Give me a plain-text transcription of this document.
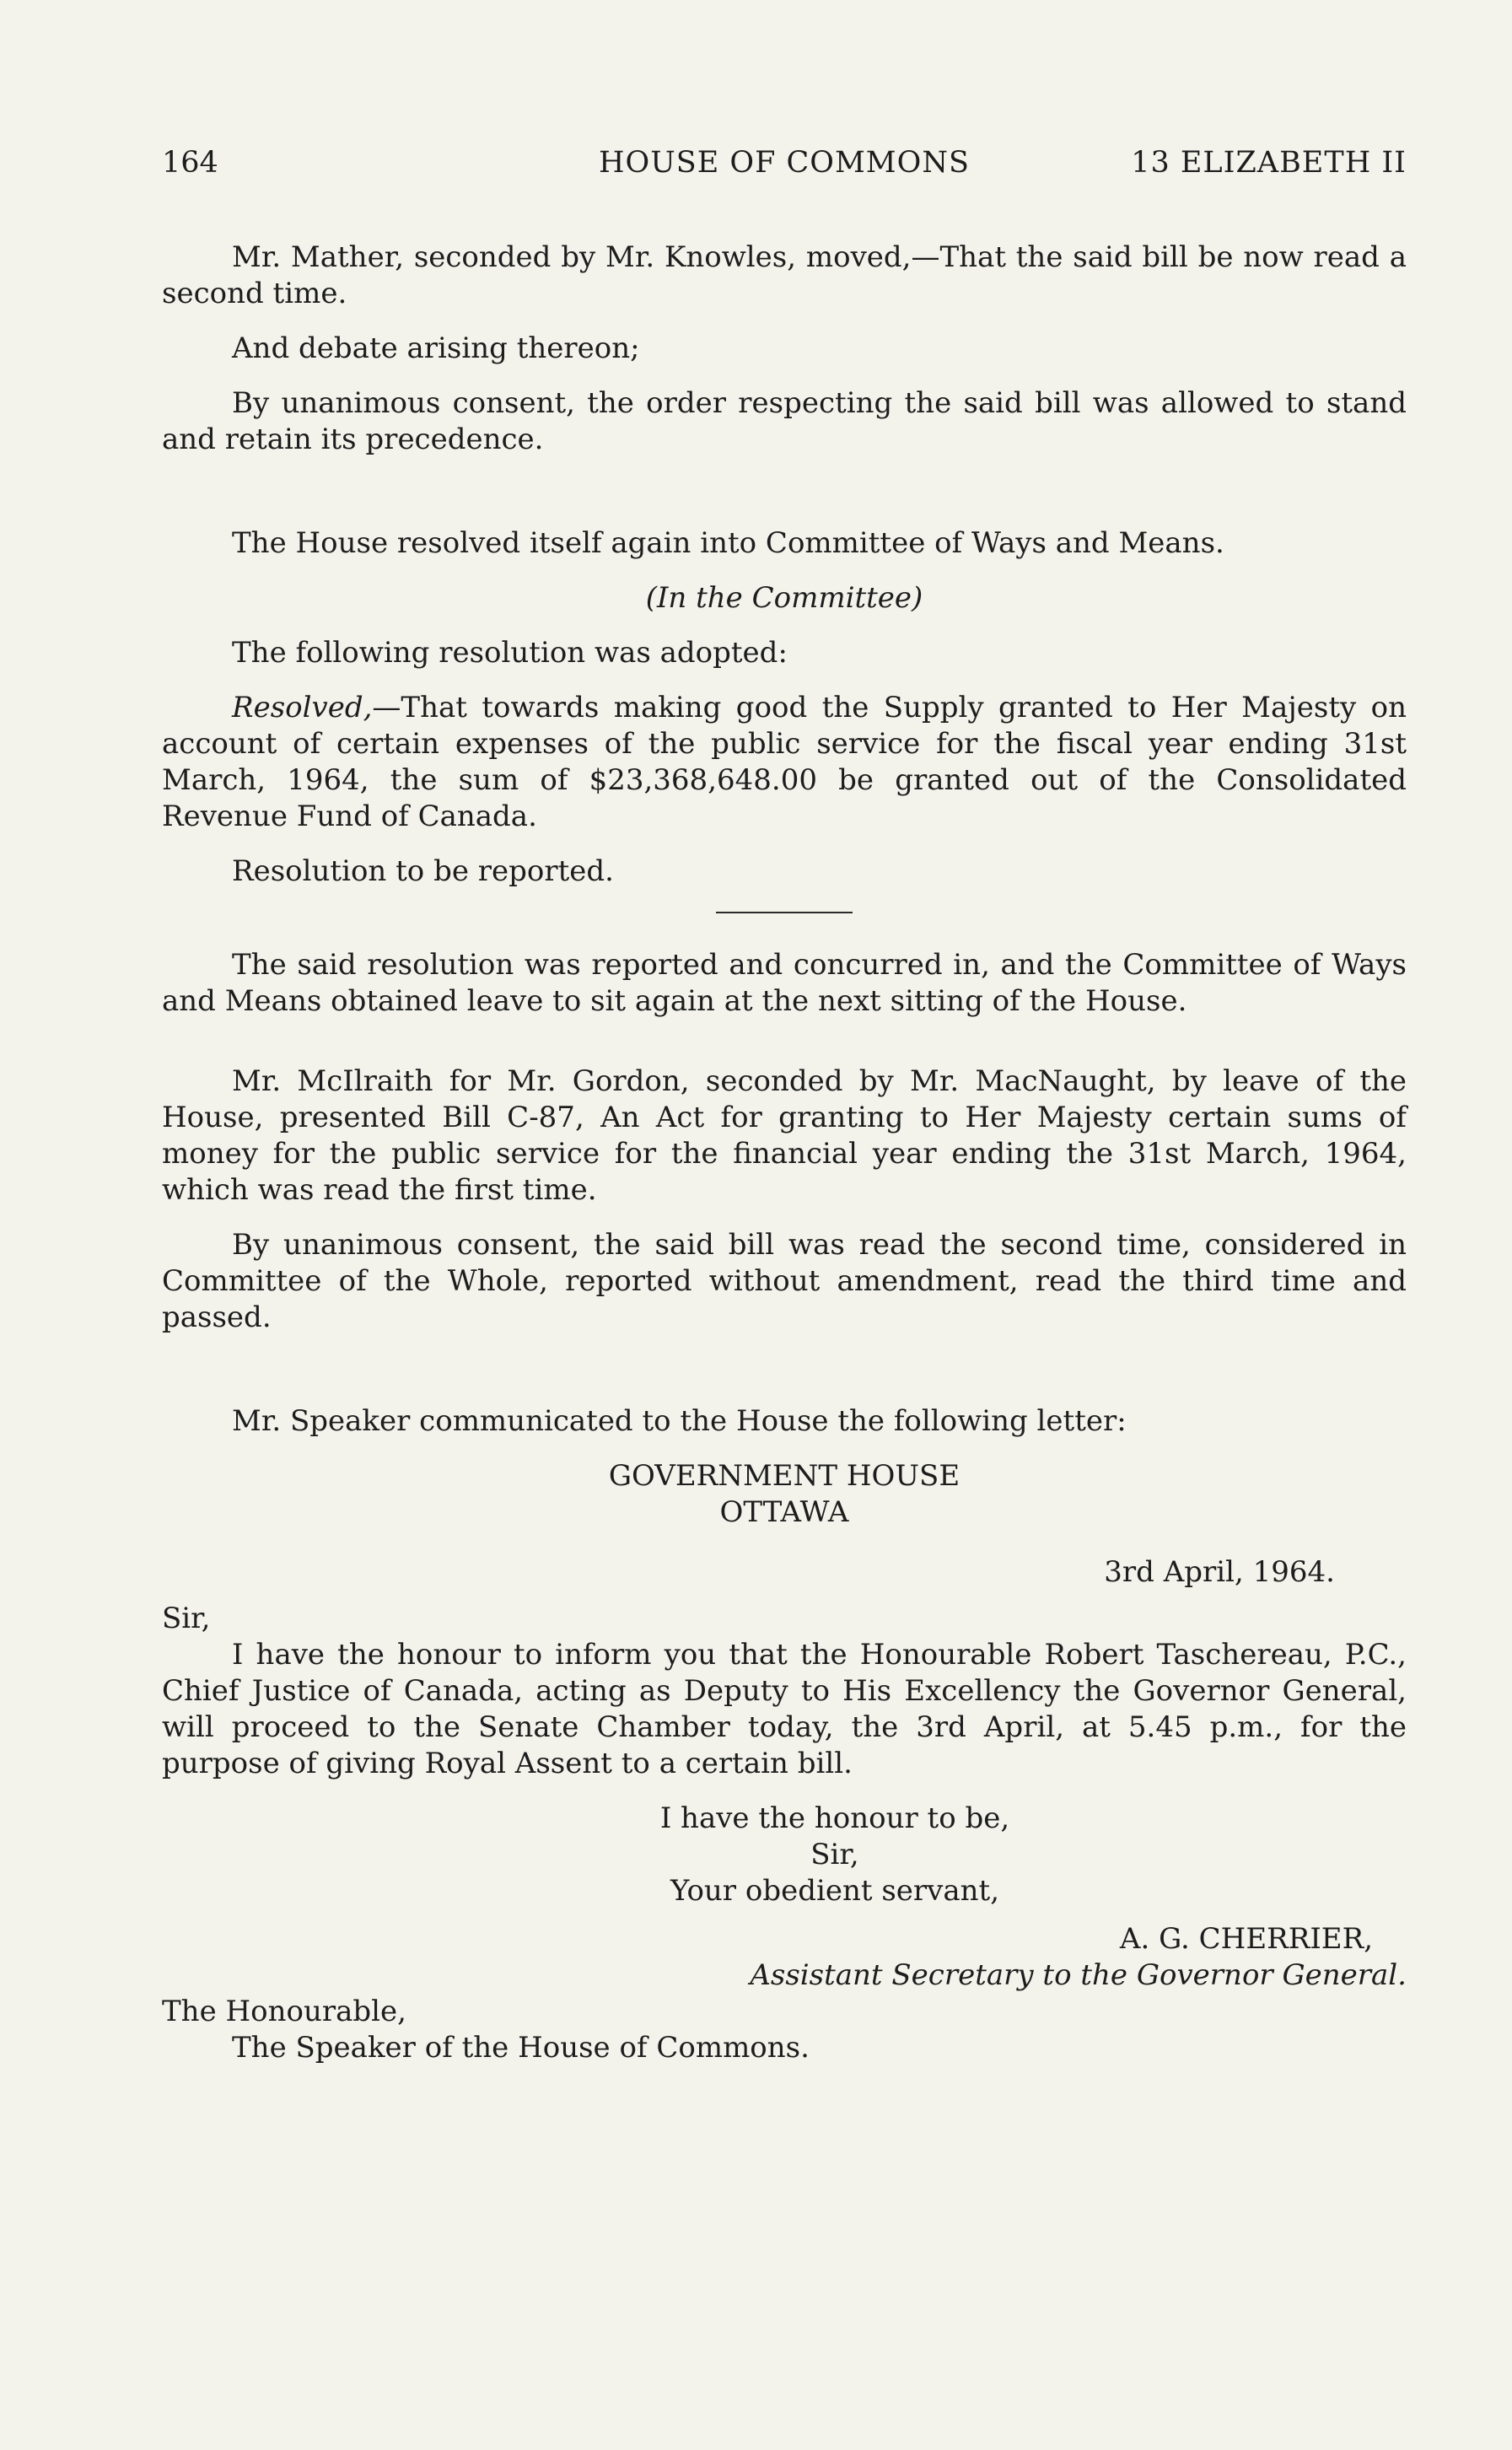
164	HOUSE OF COMMONS	13 ELIZABETH II

Mr. Mather, seconded by Mr. Knowles, moved,—That the said bill be now read a second time.

And debate arising thereon;

By unanimous consent, the order respecting the said bill was allowed to stand and retain its precedence.

The House resolved itself again into Committee of Ways and Means.

(In the Committee)

The following resolution was adopted:

Resolved,—That towards making good the Supply granted to Her Majesty on account of certain expenses of the public service for the fiscal year ending 31st March, 1964, the sum of $23,368,648.00 be granted out of the Consolidated Revenue Fund of Canada.

Resolution to be reported.

The said resolution was reported and concurred in, and the Committee of Ways and Means obtained leave to sit again at the next sitting of the House.

Mr. McIlraith for Mr. Gordon, seconded by Mr. MacNaught, by leave of the House, presented Bill C-87, An Act for granting to Her Majesty certain sums of money for the public service for the financial year ending the 31st March, 1964, which was read the first time.

By unanimous consent, the said bill was read the second time, considered in Committee of the Whole, reported without amendment, read the third time and passed.

Mr. Speaker communicated to the House the following letter:

GOVERNMENT HOUSE

OTTAWA

3rd April, 1964.

Sir,

I have the honour to inform you that the Honourable Robert Taschereau, P.C., Chief Justice of Canada, acting as Deputy to His Excellency the Governor General, will proceed to the Senate Chamber today, the 3rd April, at 5.45 p.m., for the purpose of giving Royal Assent to a certain bill.

I have the honour to be,

Sir,

Your obedient servant,

A. G. CHERRIER,

Assistant Secretary to the Governor General.

The Honourable,

The Speaker of the House of Commons.
